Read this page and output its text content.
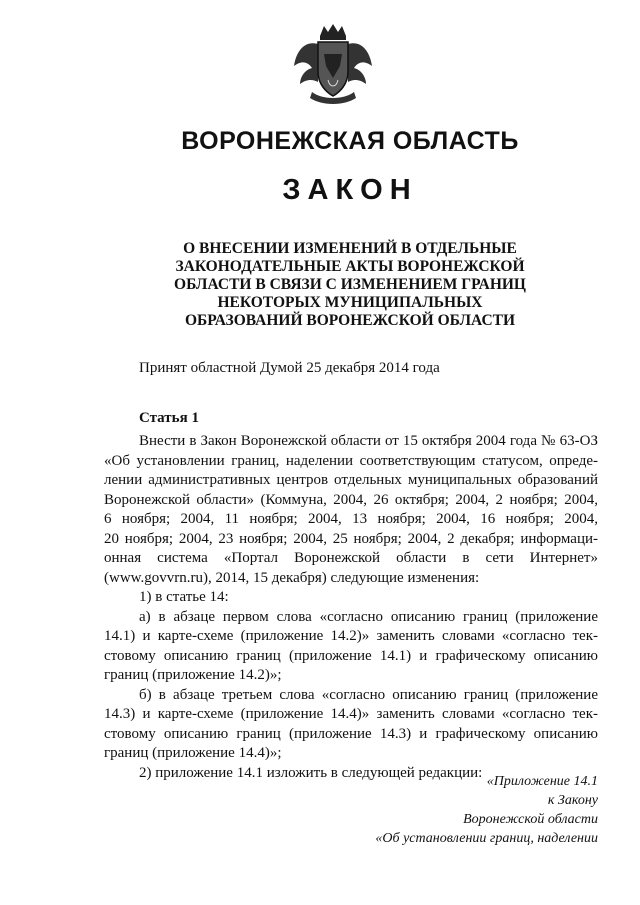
ВОРОНЕЖСКАЯ ОБЛАСТЬ
ЗАКОН
О ВНЕСЕНИИ ИЗМЕНЕНИЙ В ОТДЕЛЬНЫЕ
ЗАКОНОДАТЕЛЬНЫЕ АКТЫ ВОРОНЕЖСКОЙ
ОБЛАСТИ В СВЯЗИ С ИЗМЕНЕНИЕМ ГРАНИЦ
НЕКОТОРЫХ МУНИЦИПАЛЬНЫХ
ОБРАЗОВАНИЙ ВОРОНЕЖСКОЙ ОБЛАСТИ
Принят областной Думой 25 декабря 2014 года
Статья 1
Внести в Закон Воронежской области от 15 октября 2004 года № 63-ОЗ
«Об установлении границ, наделении соответствующим статусом, опреде-
лении административных центров отдельных муниципальных образований
Воронежской области» (Коммуна, 2004, 26 октября; 2004, 2 ноября; 2004,
6 ноября; 2004, 11 ноября; 2004, 13 ноября; 2004, 16 ноября; 2004,
20 ноября; 2004, 23 ноября; 2004, 25 ноября; 2004, 2 декабря; информаци-
онная система «Портал Воронежской области в сети Интернет»
(www.govvrn.ru), 2014, 15 декабря) следующие изменения:
1) в статье 14:
а) в абзаце первом слова «согласно описанию границ (приложение
14.1) и карте-схеме (приложение 14.2)» заменить словами «согласно тек-
стовому описанию границ (приложение 14.1) и графическому описанию
границ (приложение 14.2)»;
б) в абзаце третьем слова «согласно описанию границ (приложение
14.3) и карте-схеме (приложение 14.4)» заменить словами «согласно тек-
стовому описанию границ (приложение 14.3) и графическому описанию
границ (приложение 14.4)»;
2) приложение 14.1 изложить в следующей редакции:
«Приложение 14.1
к Закону
Воронежской области
«Об установлении границ, наделении
